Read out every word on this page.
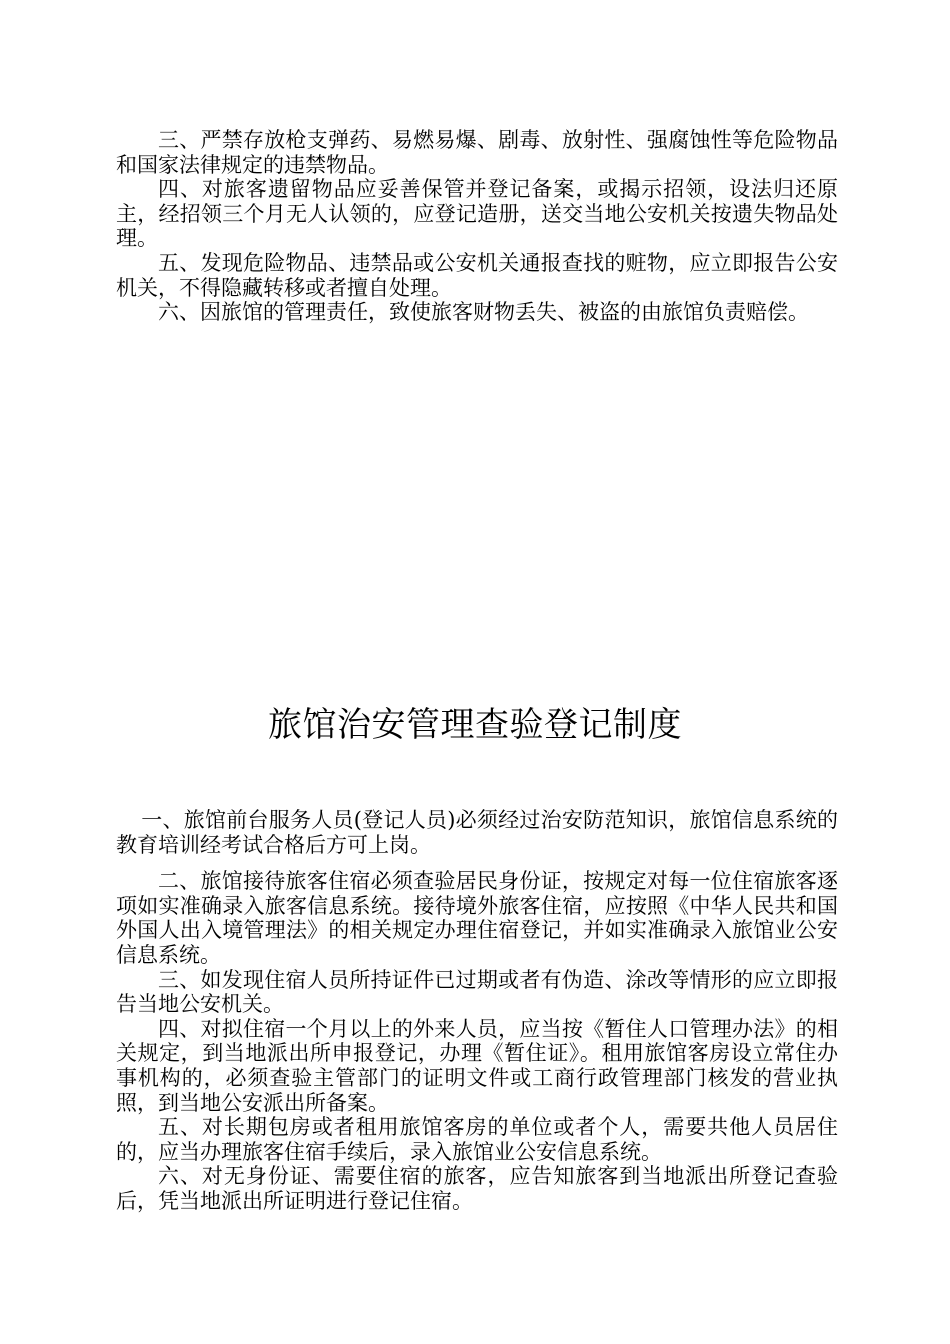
三、严禁存放枪支弹药、易燃易爆、剧毒、放射性、强腐蚀性等危险物品和国家法律规定的违禁物品。

四、对旅客遗留物品应妥善保管并登记备案，或揭示招领，设法归还原主，经招领三个月无人认领的，应登记造册，送交当地公安机关按遗失物品处理。

五、发现危险物品、违禁品或公安机关通报查找的赃物，应立即报告公安机关，不得隐藏转移或者擅自处理。

六、因旅馆的管理责任，致使旅客财物丢失、被盗的由旅馆负责赔偿。

旅馆治安管理查验登记制度

一、旅馆前台服务人员(登记人员)必须经过治安防范知识，旅馆信息系统的教育培训经考试合格后方可上岗。

二、旅馆接待旅客住宿必须查验居民身份证，按规定对每一位住宿旅客逐项如实准确录入旅客信息系统。接待境外旅客住宿，应按照《中华人民共和国外国人出入境管理法》的相关规定办理住宿登记，并如实准确录入旅馆业公安信息系统。

三、如发现住宿人员所持证件已过期或者有伪造、涂改等情形的应立即报告当地公安机关。

四、对拟住宿一个月以上的外来人员，应当按《暂住人口管理办法》的相关规定，到当地派出所申报登记，办理《暂住证》。租用旅馆客房设立常住办事机构的，必须查验主管部门的证明文件或工商行政管理部门核发的营业执照，到当地公安派出所备案。

五、对长期包房或者租用旅馆客房的单位或者个人，需要共他人员居住的，应当办理旅客住宿手续后，录入旅馆业公安信息系统。

六、对无身份证、需要住宿的旅客，应告知旅客到当地派出所登记查验后，凭当地派出所证明进行登记住宿。
